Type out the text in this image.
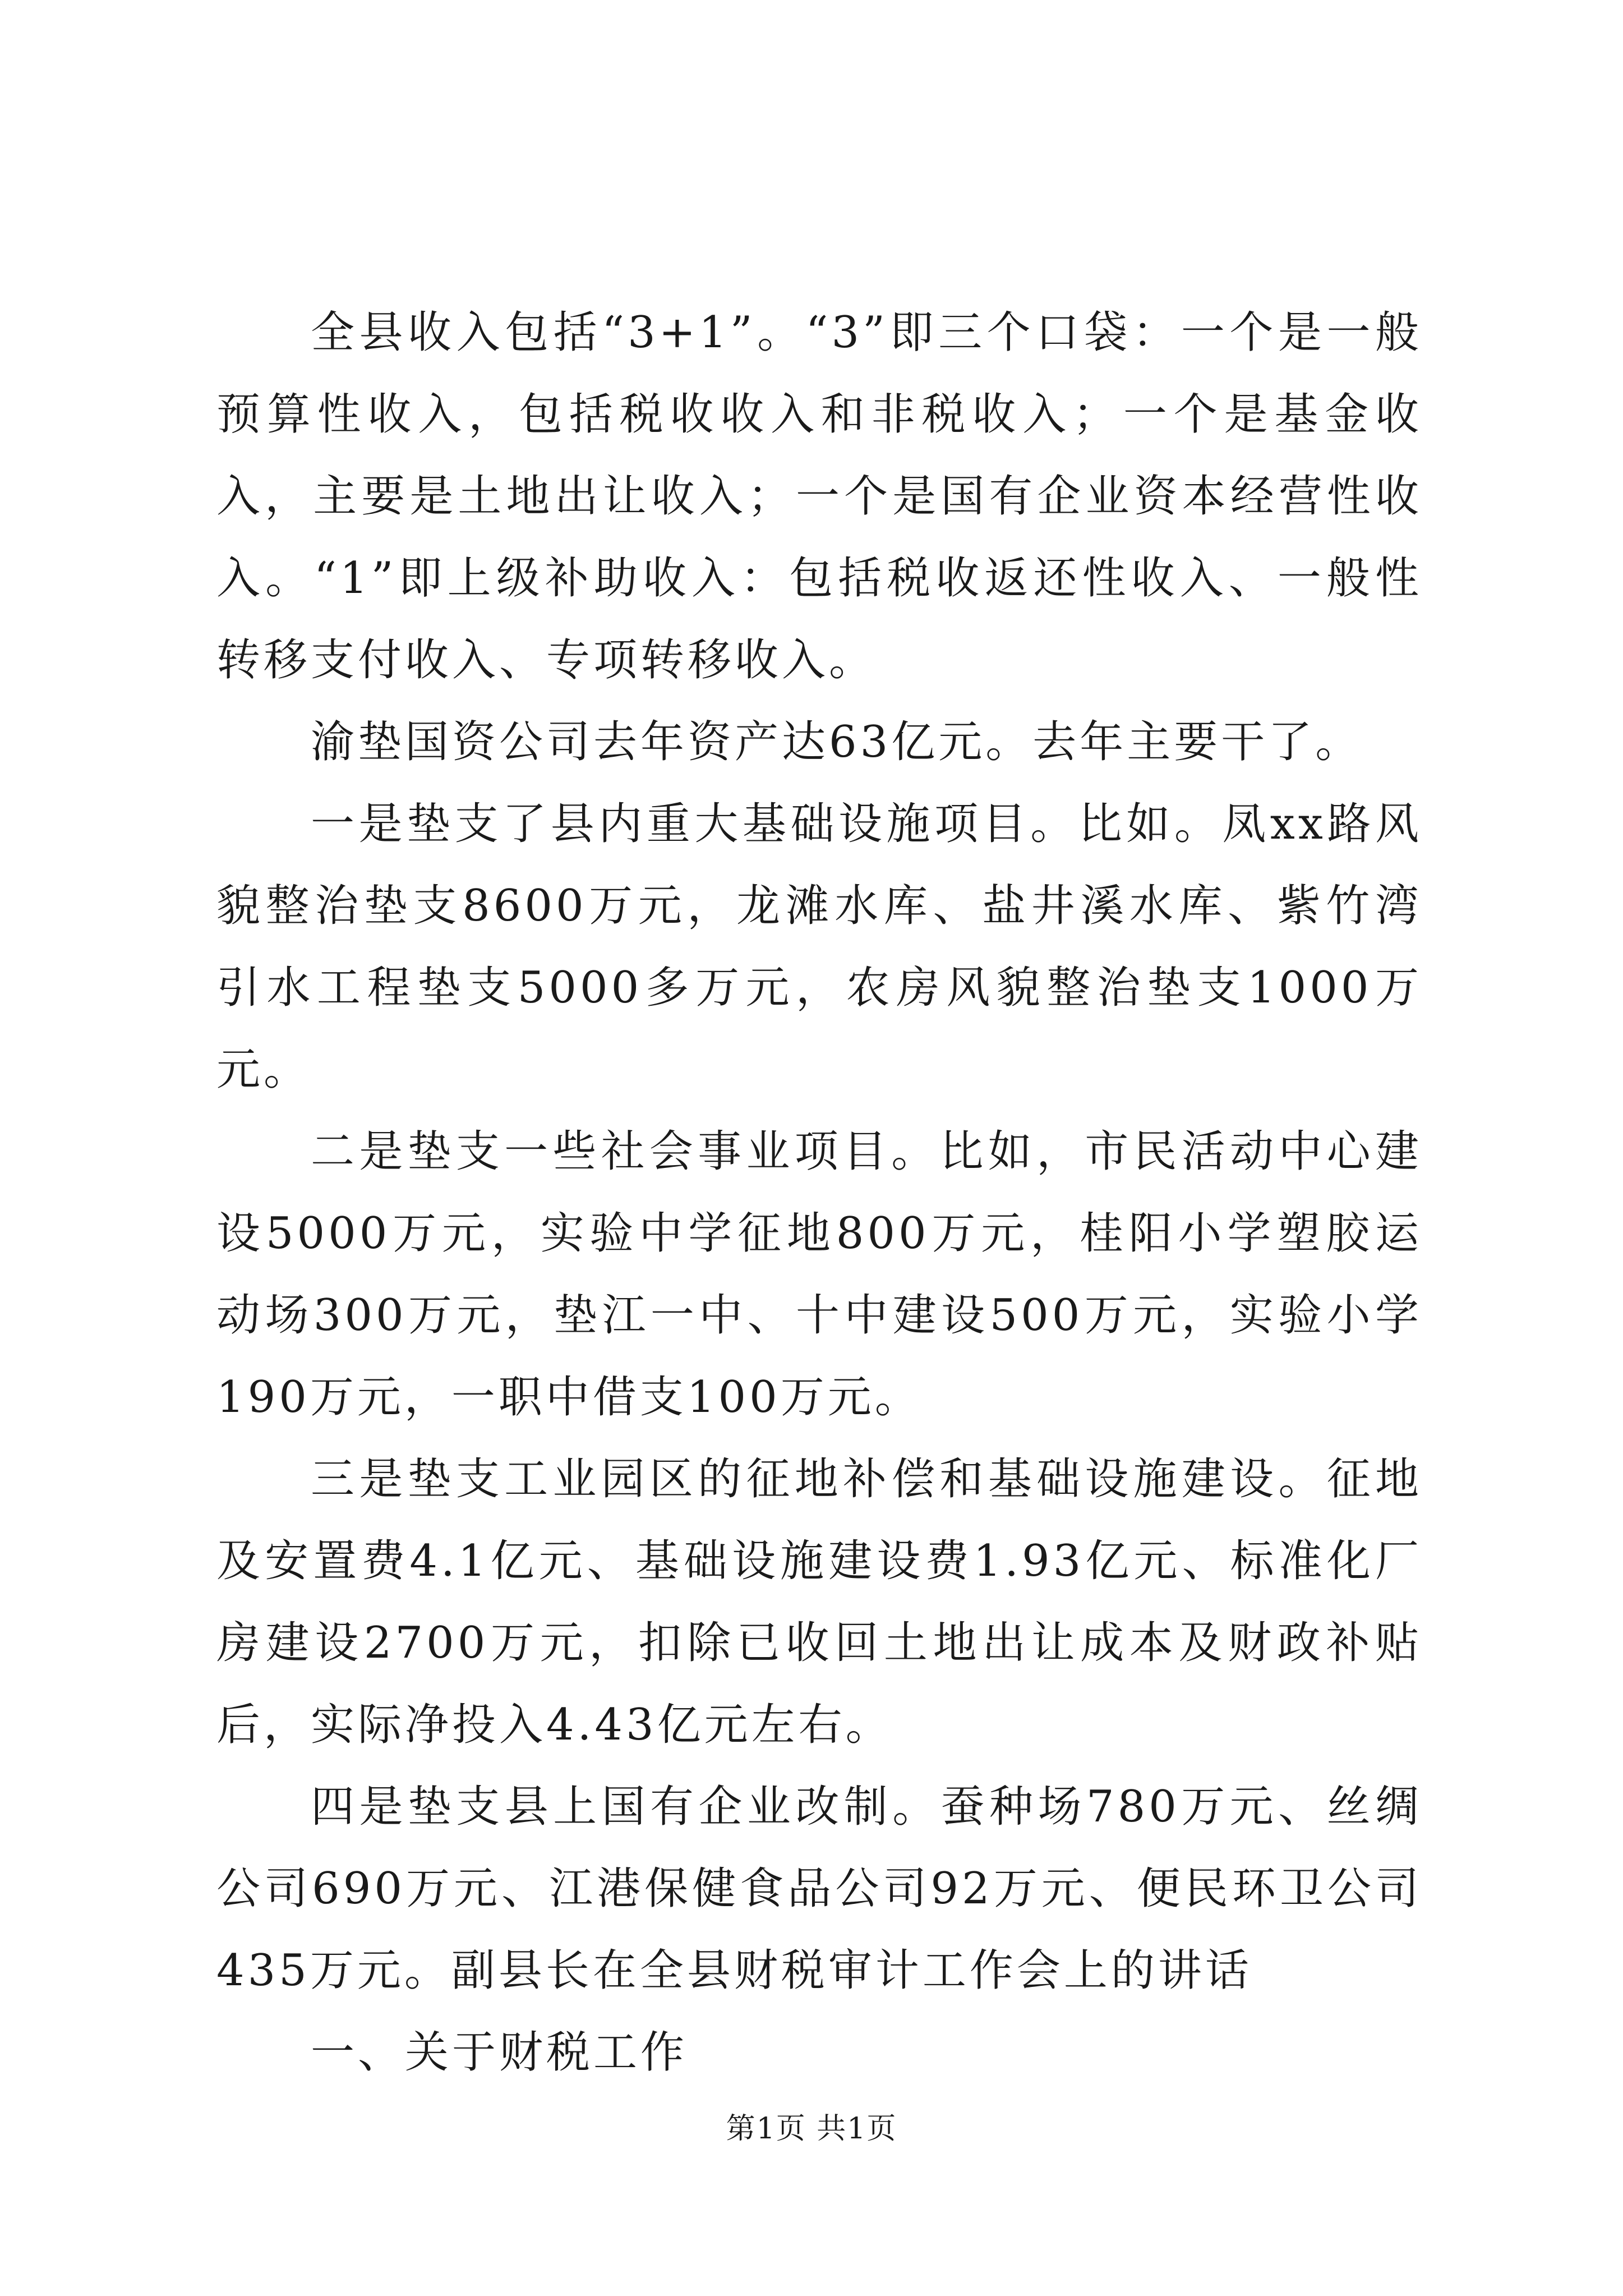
全县收入包括“3+1”。“3”即三个口袋：一个是一般预算性收入，包括税收收入和非税收入；一个是基金收入，主要是土地出让收入；一个是国有企业资本经营性收入。“1”即上级补助收入：包括税收返还性收入、一般性转移支付收入、专项转移收入。

渝垫国资公司去年资产达63亿元。去年主要干了。

一是垫支了县内重大基础设施项目。比如。凤xx路风貌整治垫支8600万元，龙滩水库、盐井溪水库、紫竹湾引水工程垫支5000多万元，农房风貌整治垫支1000万元。

二是垫支一些社会事业项目。比如，市民活动中心建设5000万元，实验中学征地800万元，桂阳小学塑胶运动场300万元，垫江一中、十中建设500万元，实验小学190万元，一职中借支100万元。

三是垫支工业园区的征地补偿和基础设施建设。征地及安置费4.1亿元、基础设施建设费1.93亿元、标准化厂房建设2700万元，扣除已收回土地出让成本及财政补贴后，实际净投入4.43亿元左右。

四是垫支县上国有企业改制。蚕种场780万元、丝绸公司690万元、江港保健食品公司92万元、便民环卫公司435万元。副县长在全县财税审计工作会上的讲话

一、关于财税工作

第1页 共1页
